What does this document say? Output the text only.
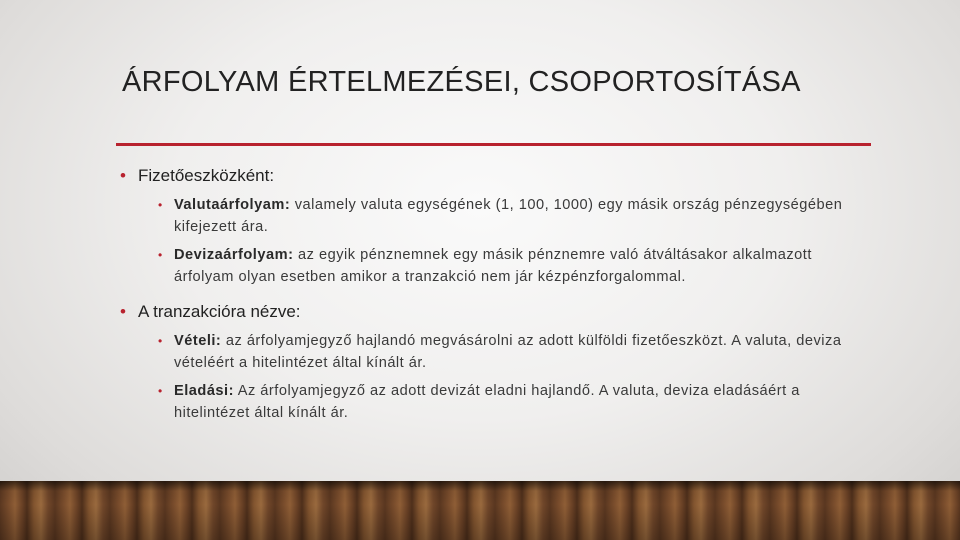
ÁRFOLYAM ÉRTELMEZÉSEI, CSOPORTOSÍTÁSA
• Fizetőeszközként:
• Valutaárfolyam: valamely valuta egységének (1, 100, 1000) egy másik ország pénzegységében kifejezett ára.
• Devizaárfolyam: az egyik pénznemnek egy másik pénznemre való átváltásakor alkalmazott árfolyam olyan esetben amikor a tranzakció nem jár kézpénzforgalommal.
• A tranzakcióra nézve:
• Vételi: az árfolyamjegyző hajlandó megvásárolni az adott külföldi fizetőeszközt. A valuta, deviza vételéért a hitelintézet által kínált ár.
• Eladási: Az árfolyamjegyző az adott devizát eladni hajlandő. A valuta, deviza eladásáért a hitelintézet által kínált ár.
